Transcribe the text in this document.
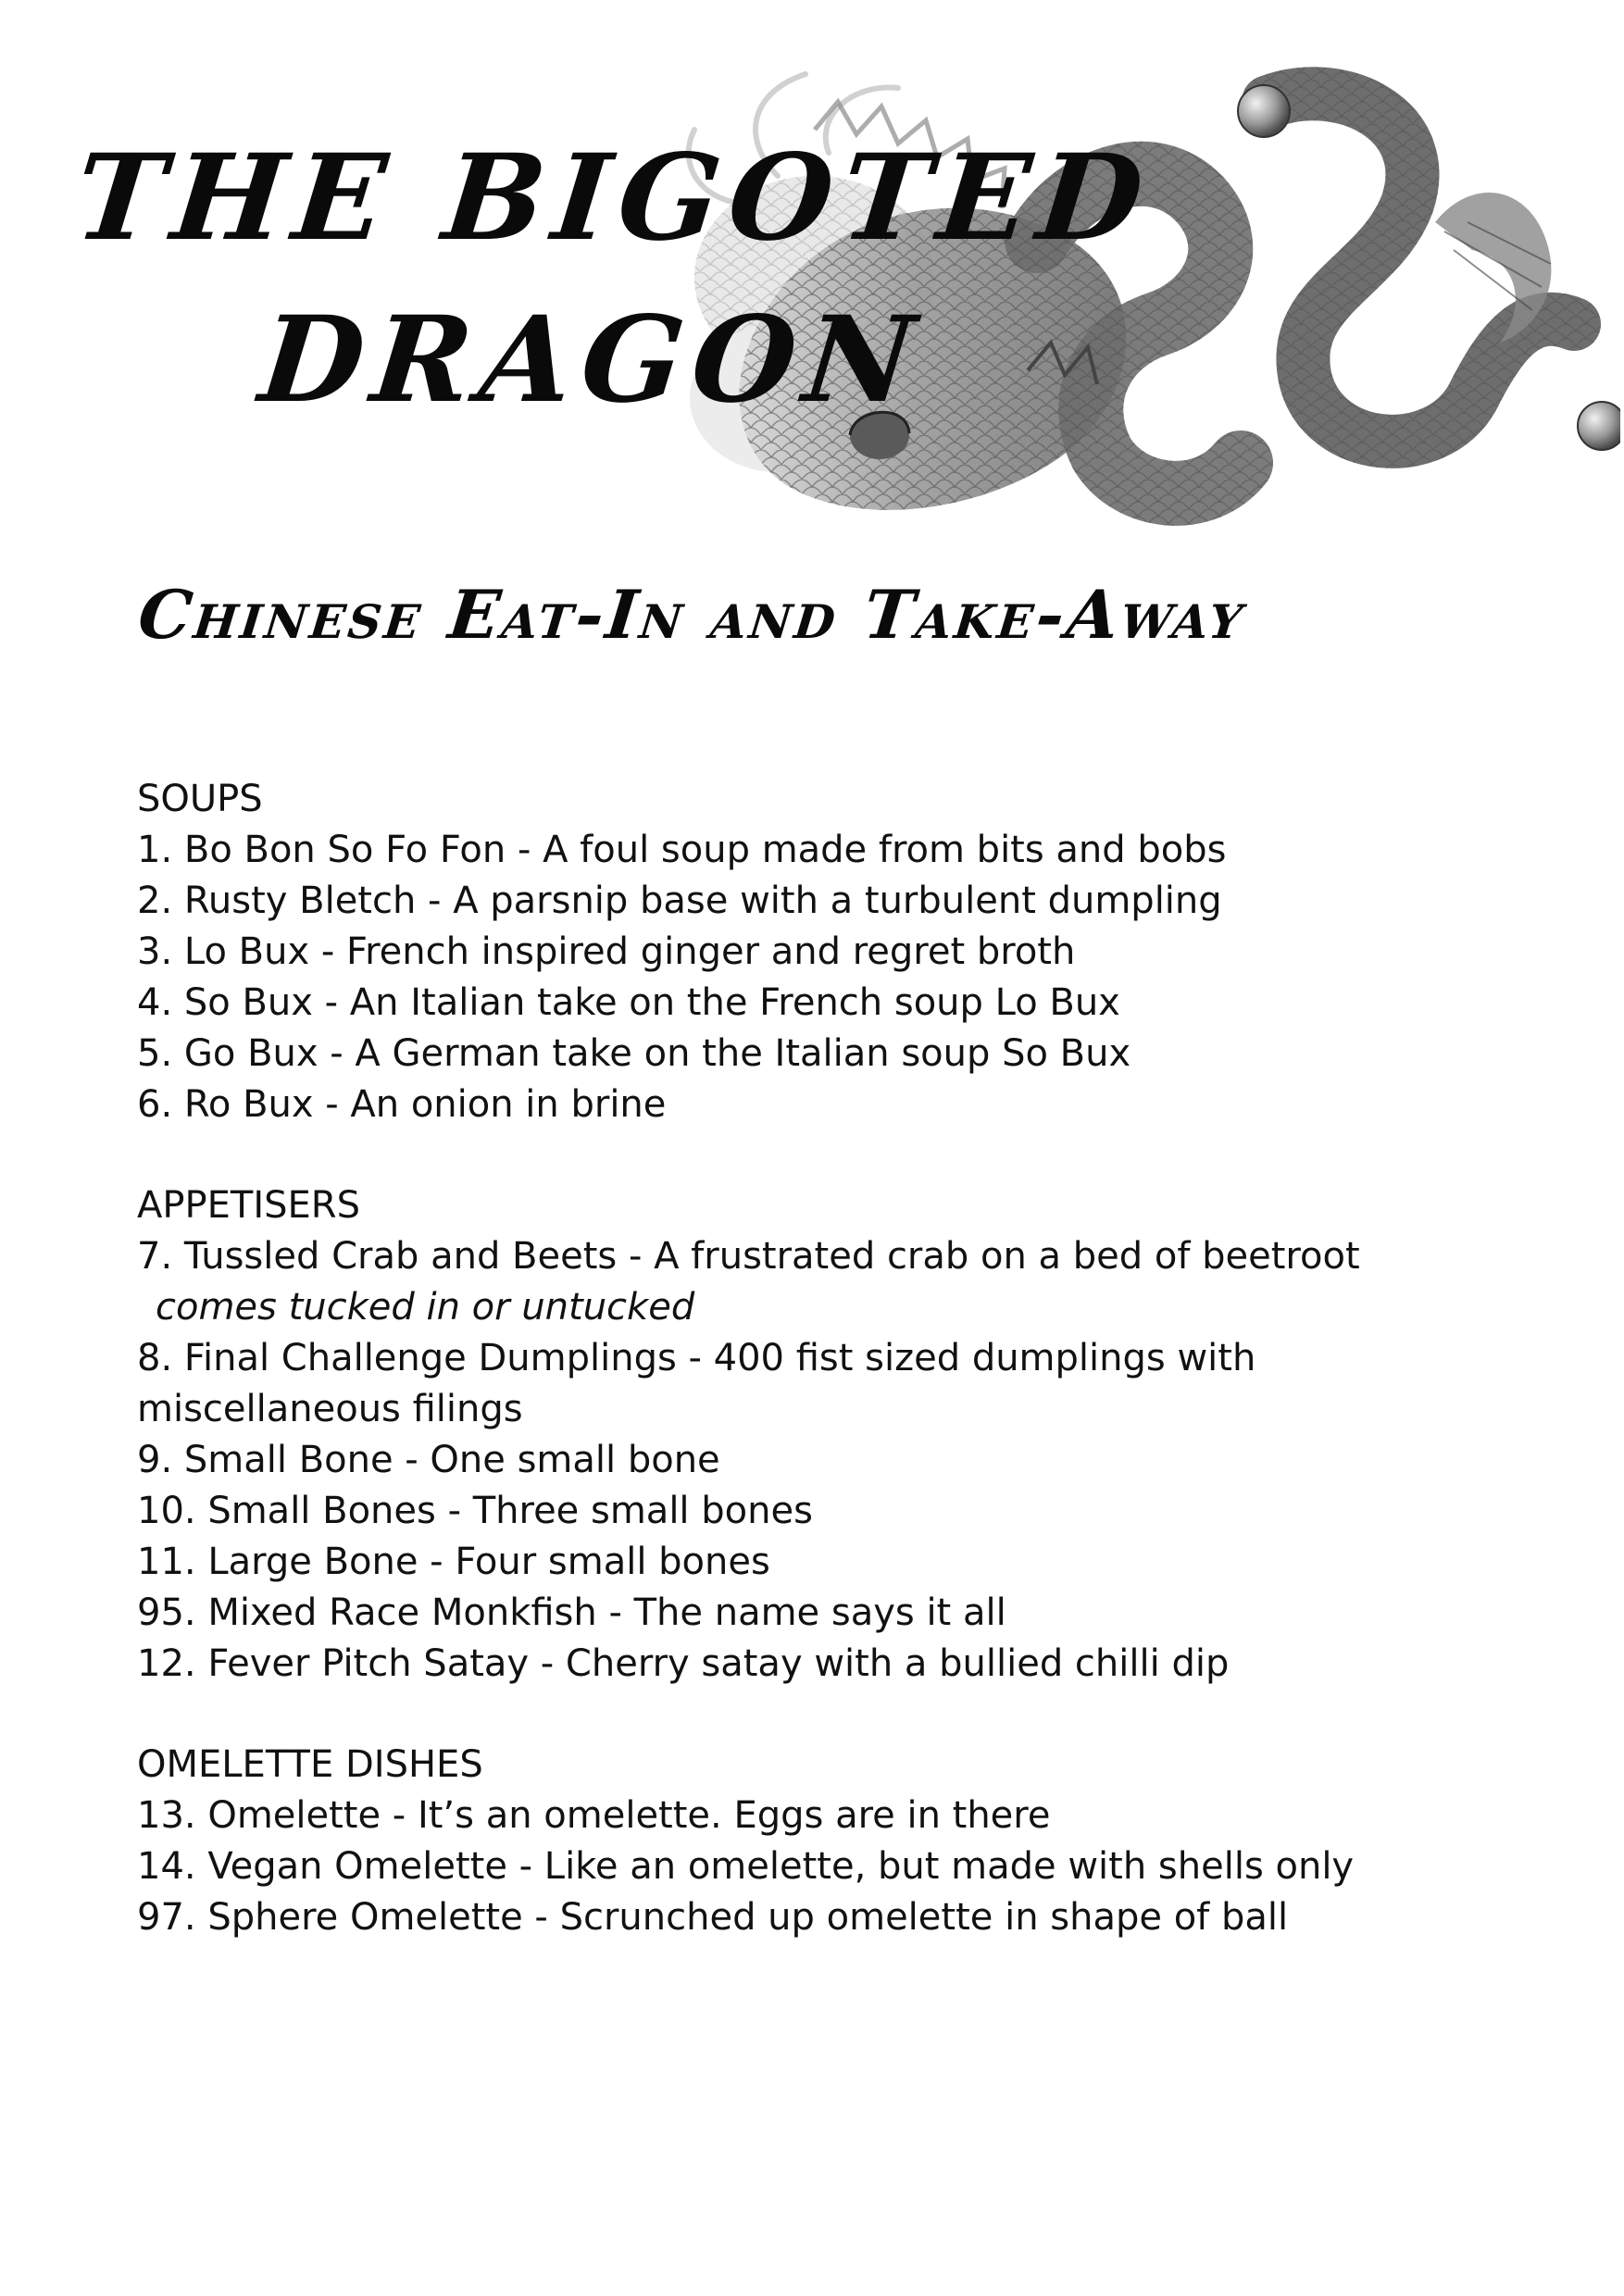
THE BIGOTED
DRAGON
Chinese Eat-In and Take-Away

SOUPS

1. Bo Bon So Fo Fon - A foul soup made from bits and bobs

2. Rusty Bletch - A parsnip base with a turbulent dumpling

3. Lo Bux - French inspired ginger and regret broth

4. So Bux - An Italian take on the French soup Lo Bux

5. Go Bux - A German take on the Italian soup So Bux

6. Ro Bux - An onion in brine

APPETISERS

7. Tussled Crab and Beets - A frustrated crab on a bed of beetroot

comes tucked in or untucked

8. Final Challenge Dumplings - 400 fist sized dumplings with miscellaneous filings

9. Small Bone - One small bone

10. Small Bones - Three small bones

11. Large Bone - Four small bones

95. Mixed Race Monkfish - The name says it all

12. Fever Pitch Satay - Cherry satay with a bullied chilli dip

OMELETTE DISHES

13. Omelette - It’s an omelette. Eggs are in there

14. Vegan Omelette - Like an omelette, but made with shells only

97. Sphere Omelette - Scrunched up omelette in shape of ball
